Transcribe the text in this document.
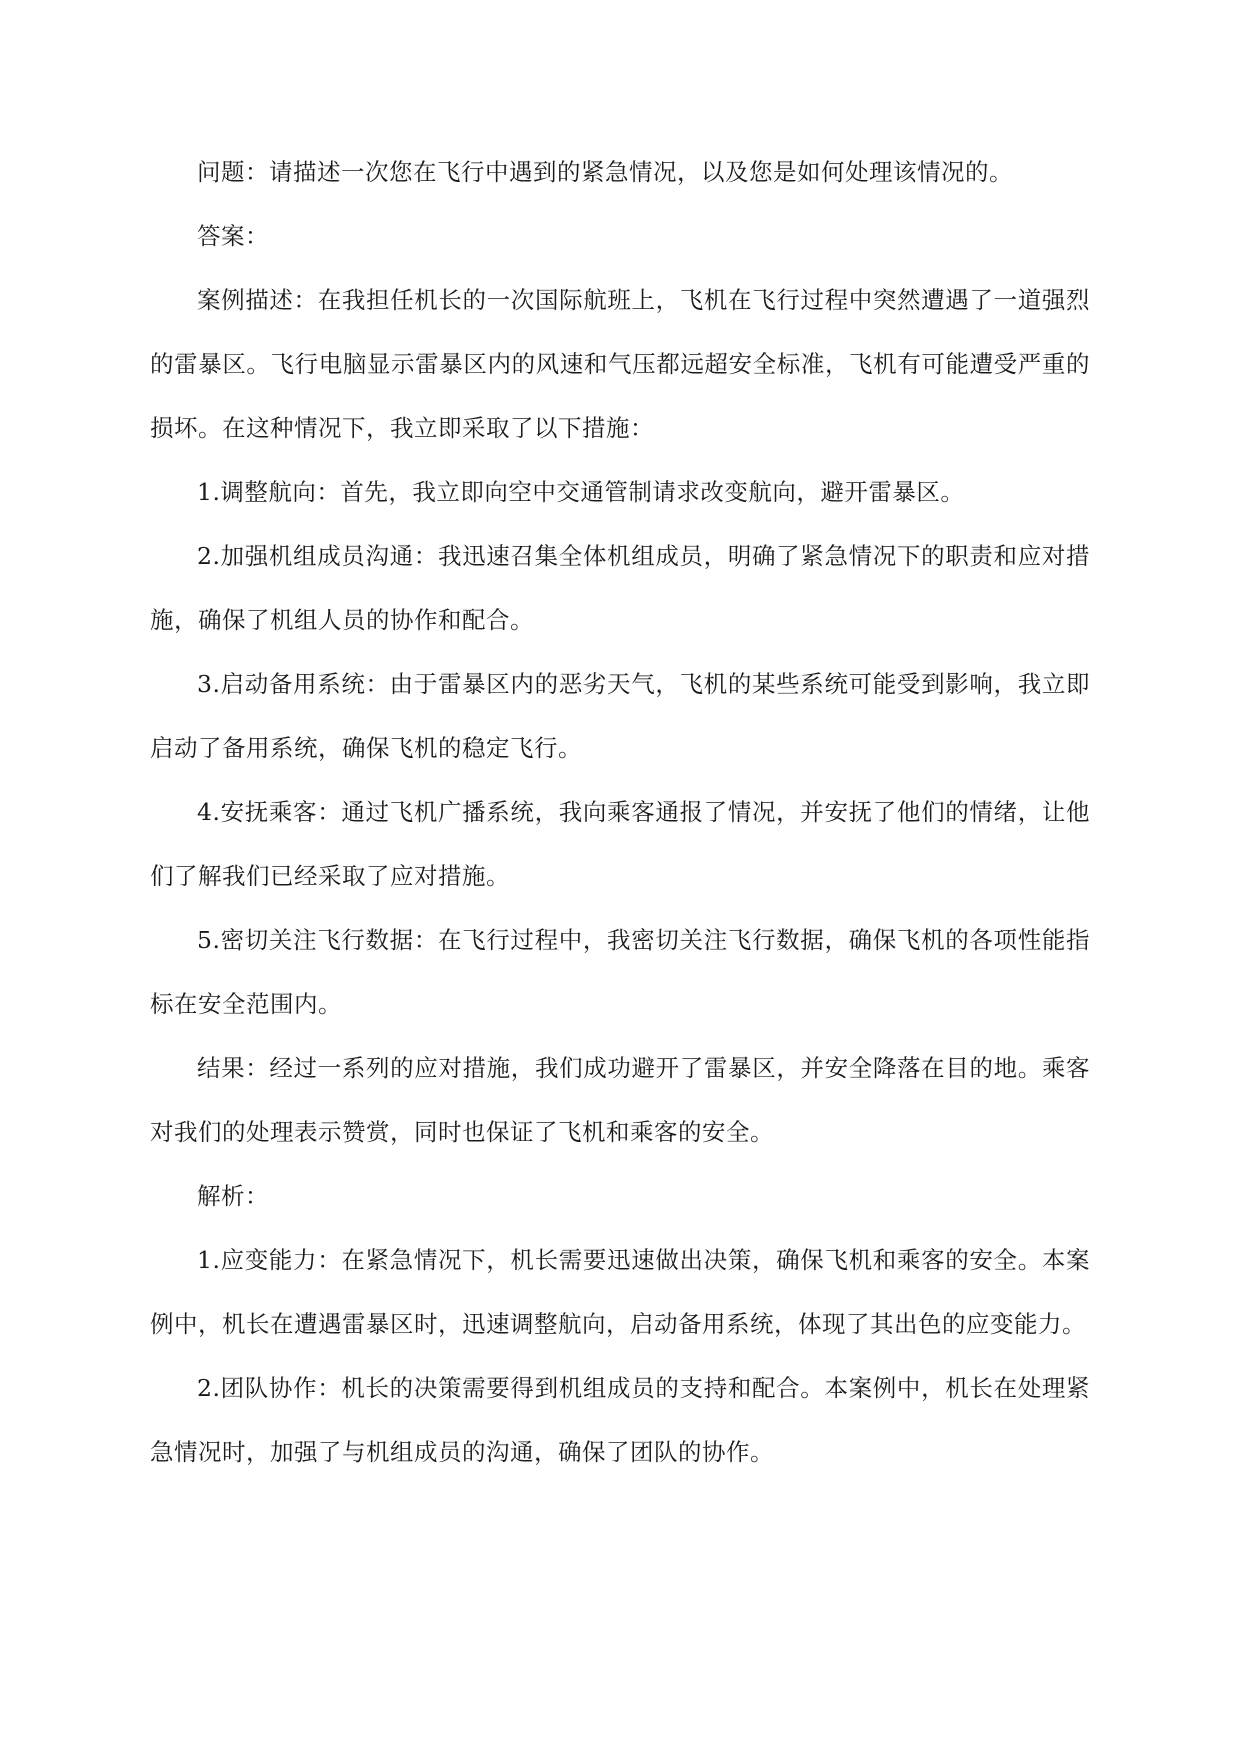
问题：请描述一次您在飞行中遇到的紧急情况，以及您是如何处理该情况的。

答案：

案例描述：在我担任机长的一次国际航班上，飞机在飞行过程中突然遭遇了一道强烈的雷暴区。飞行电脑显示雷暴区内的风速和气压都远超安全标准，飞机有可能遭受严重的损坏。在这种情况下，我立即采取了以下措施：

1.调整航向：首先，我立即向空中交通管制请求改变航向，避开雷暴区。

2.加强机组成员沟通：我迅速召集全体机组成员，明确了紧急情况下的职责和应对措施，确保了机组人员的协作和配合。

3.启动备用系统：由于雷暴区内的恶劣天气，飞机的某些系统可能受到影响，我立即启动了备用系统，确保飞机的稳定飞行。

4.安抚乘客：通过飞机广播系统，我向乘客通报了情况，并安抚了他们的情绪，让他们了解我们已经采取了应对措施。

5.密切关注飞行数据：在飞行过程中，我密切关注飞行数据，确保飞机的各项性能指标在安全范围内。

结果：经过一系列的应对措施，我们成功避开了雷暴区，并安全降落在目的地。乘客对我们的处理表示赞赏，同时也保证了飞机和乘客的安全。

解析：

1.应变能力：在紧急情况下，机长需要迅速做出决策，确保飞机和乘客的安全。本案例中，机长在遭遇雷暴区时，迅速调整航向，启动备用系统，体现了其出色的应变能力。

2.团队协作：机长的决策需要得到机组成员的支持和配合。本案例中，机长在处理紧急情况时，加强了与机组成员的沟通，确保了团队的协作。
